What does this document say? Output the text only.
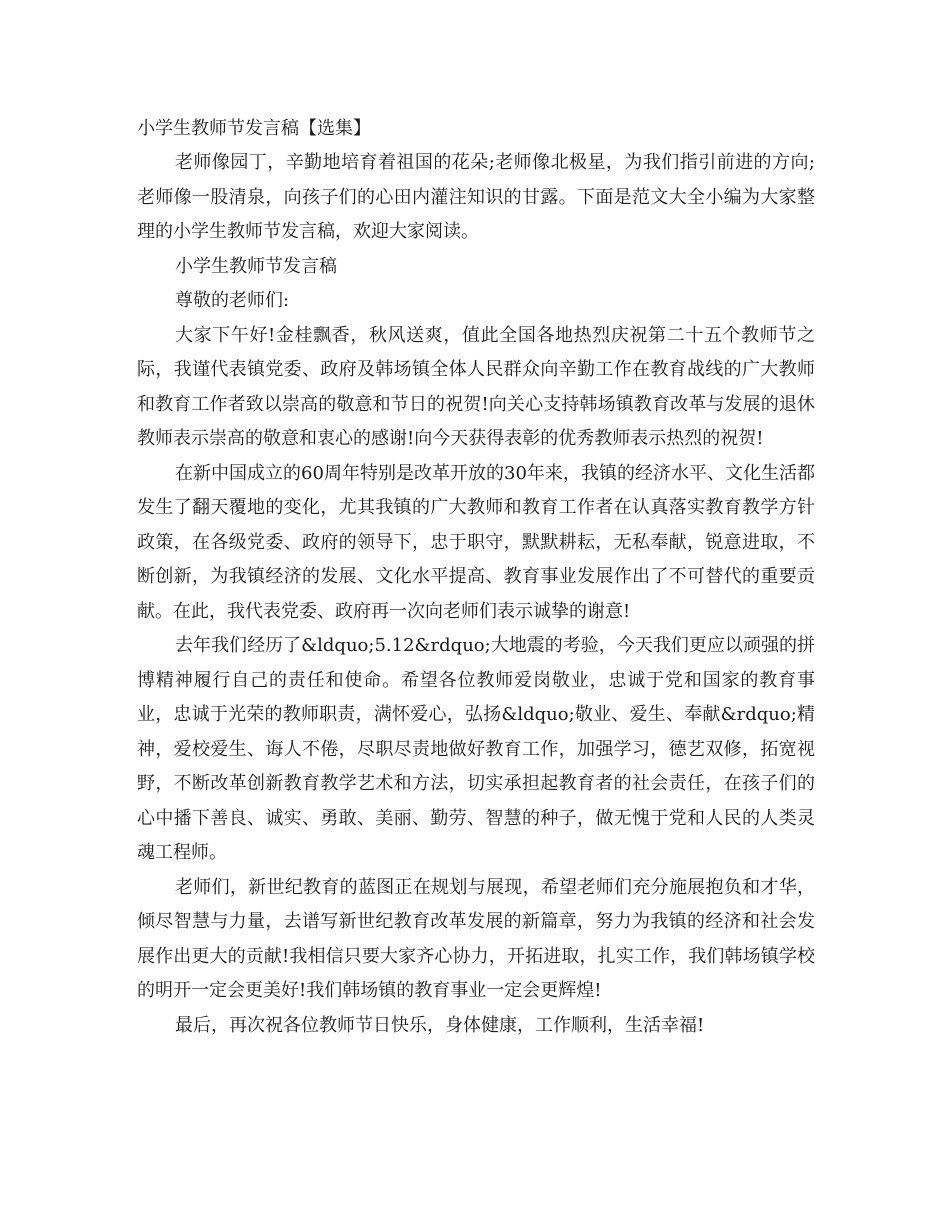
小学生教师节发言稿【选集】

老师像园丁，辛勤地培育着祖国的花朵;老师像北极星，为我们指引前进的方向;老师像一股清泉，向孩子们的心田内灌注知识的甘露。下面是范文大全小编为大家整理的小学生教师节发言稿，欢迎大家阅读。

小学生教师节发言稿

尊敬的老师们:

大家下午好!金桂飘香，秋风送爽，值此全国各地热烈庆祝第二十五个教师节之际，我谨代表镇党委、政府及韩场镇全体人民群众向辛勤工作在教育战线的广大教师和教育工作者致以崇高的敬意和节日的祝贺!向关心支持韩场镇教育改革与发展的退休教师表示崇高的敬意和衷心的感谢!向今天获得表彰的优秀教师表示热烈的祝贺!

在新中国成立的60周年特别是改革开放的30年来，我镇的经济水平、文化生活都发生了翻天覆地的变化，尤其我镇的广大教师和教育工作者在认真落实教育教学方针政策，在各级党委、政府的领导下，忠于职守，默默耕耘，无私奉献，锐意进取，不断创新，为我镇经济的发展、文化水平提高、教育事业发展作出了不可替代的重要贡献。在此，我代表党委、政府再一次向老师们表示诚挚的谢意!

去年我们经历了&ldquo;5.12&rdquo;大地震的考验，今天我们更应以顽强的拼博精神履行自己的责任和使命。希望各位教师爱岗敬业，忠诚于党和国家的教育事业，忠诚于光荣的教师职责，满怀爱心，弘扬&ldquo;敬业、爱生、奉献&rdquo;精神，爱校爱生、诲人不倦，尽职尽责地做好教育工作，加强学习，德艺双修，拓宽视野，不断改革创新教育教学艺术和方法，切实承担起教育者的社会责任，在孩子们的心中播下善良、诚实、勇敢、美丽、勤劳、智慧的种子，做无愧于党和人民的人类灵魂工程师。

老师们，新世纪教育的蓝图正在规划与展现，希望老师们充分施展抱负和才华，倾尽智慧与力量，去谱写新世纪教育改革发展的新篇章，努力为我镇的经济和社会发展作出更大的贡献!我相信只要大家齐心协力，开拓进取，扎实工作，我们韩场镇学校的明开一定会更美好!我们韩场镇的教育事业一定会更辉煌!

最后，再次祝各位教师节日快乐，身体健康，工作顺利，生活幸福!
